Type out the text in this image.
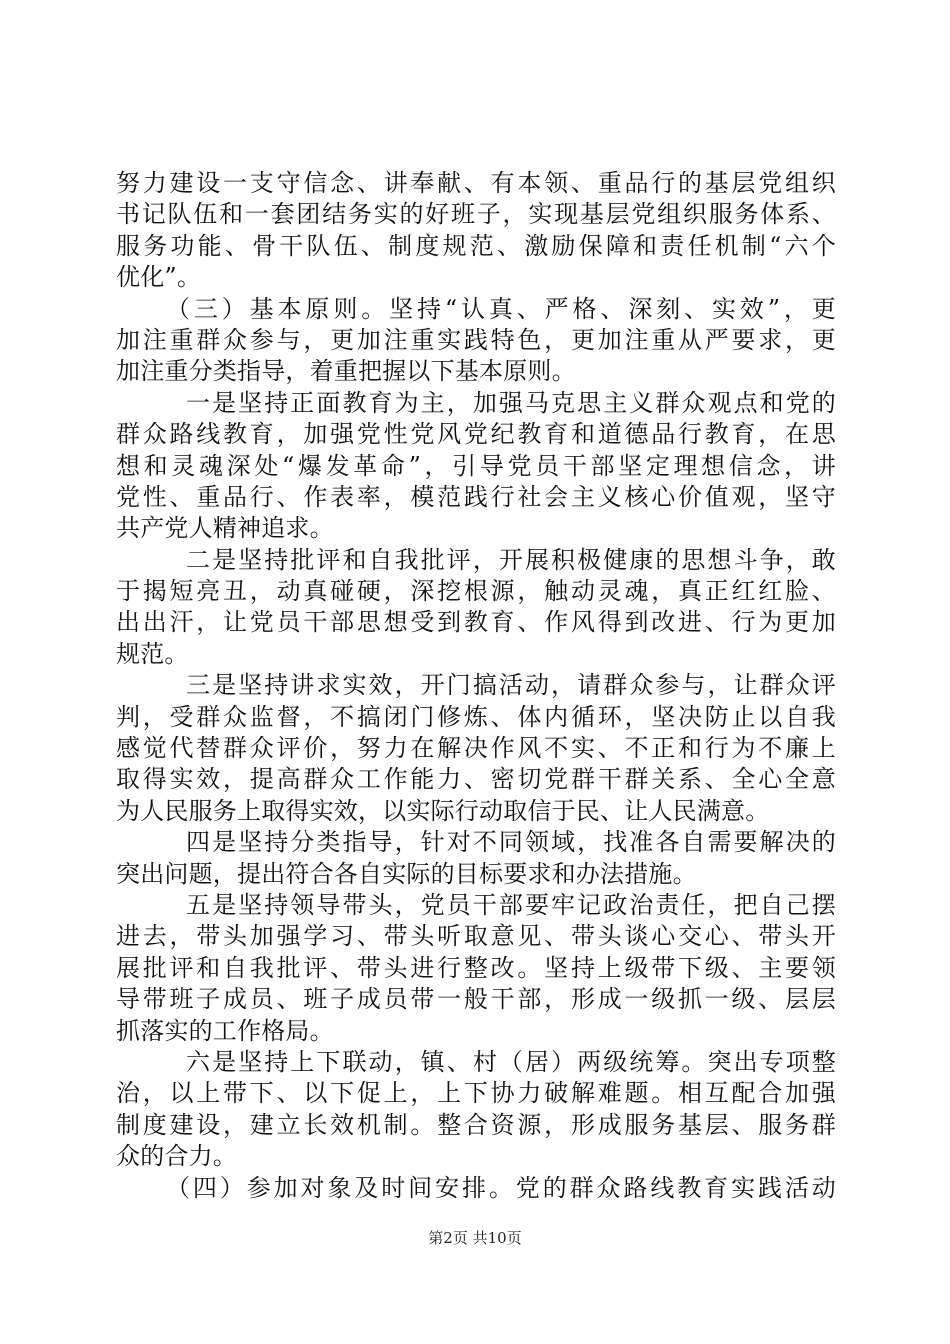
努力建设一支守信念、讲奉献、有本领、重品行的基层党组织
书记队伍和一套团结务实的好班子，实现基层党组织服务体系、
服务功能、骨干队伍、制度规范、激励保障和责任机制“六个
优化”。
（三）基本原则。坚持“认真、严格、深刻、实效”，更
加注重群众参与，更加注重实践特色，更加注重从严要求，更
加注重分类指导，着重把握以下基本原则。
一是坚持正面教育为主，加强马克思主义群众观点和党的
群众路线教育，加强党性党风党纪教育和道德品行教育，在思
想和灵魂深处“爆发革命”，引导党员干部坚定理想信念，讲
党性、重品行、作表率，模范践行社会主义核心价值观，坚守
共产党人精神追求。
二是坚持批评和自我批评，开展积极健康的思想斗争，敢
于揭短亮丑，动真碰硬，深挖根源，触动灵魂，真正红红脸、
出出汗，让党员干部思想受到教育、作风得到改进、行为更加
规范。
三是坚持讲求实效，开门搞活动，请群众参与，让群众评
判，受群众监督，不搞闭门修炼、体内循环，坚决防止以自我
感觉代替群众评价，努力在解决作风不实、不正和行为不廉上
取得实效，提高群众工作能力、密切党群干群关系、全心全意
为人民服务上取得实效，以实际行动取信于民、让人民满意。
四是坚持分类指导，针对不同领域，找准各自需要解决的
突出问题，提出符合各自实际的目标要求和办法措施。
五是坚持领导带头，党员干部要牢记政治责任，把自己摆
进去，带头加强学习、带头听取意见、带头谈心交心、带头开
展批评和自我批评、带头进行整改。坚持上级带下级、主要领
导带班子成员、班子成员带一般干部，形成一级抓一级、层层
抓落实的工作格局。
六是坚持上下联动，镇、村（居）两级统筹。突出专项整
治，以上带下、以下促上，上下协力破解难题。相互配合加强
制度建设，建立长效机制。整合资源，形成服务基层、服务群
众的合力。
（四）参加对象及时间安排。党的群众路线教育实践活动
第2页 共10页
